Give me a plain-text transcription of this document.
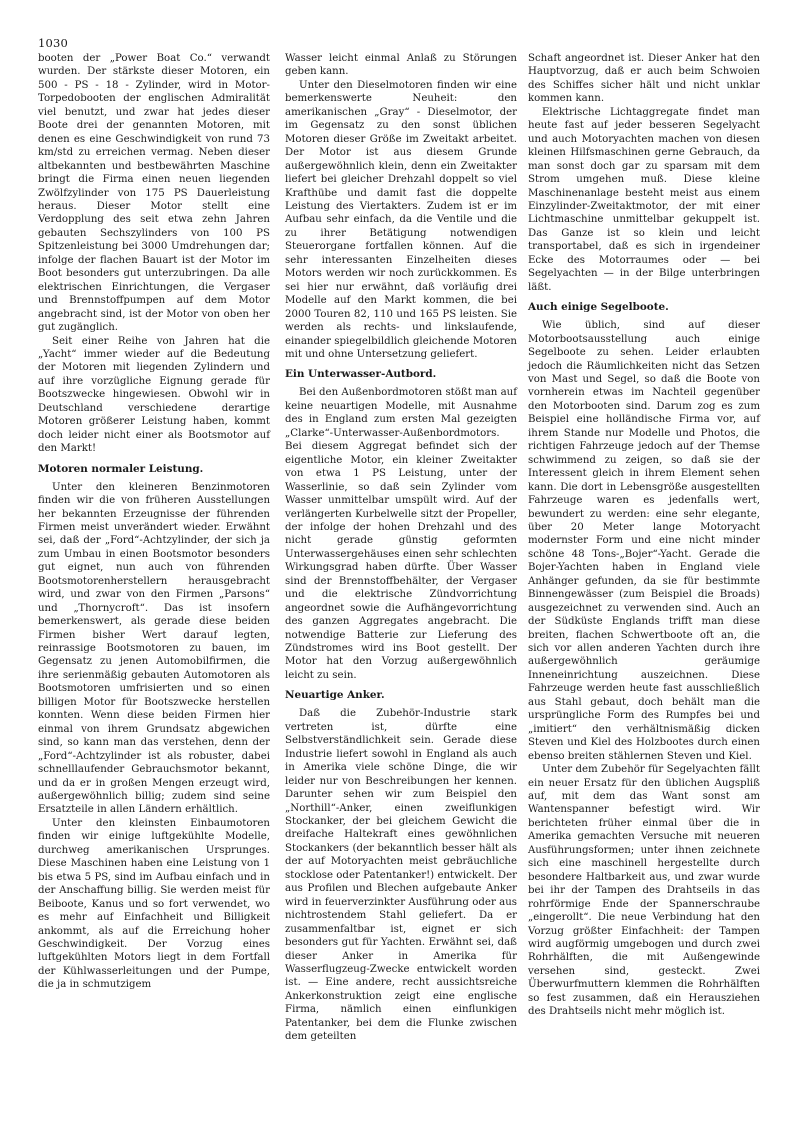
1030

booten der „Power Boat Co.“ verwandt wurden. Der stärkste dieser Motoren, ein 500 - PS - 18 - Zylinder, wird in Motor-Torpedobooten der englischen Admiralität viel benutzt, und zwar hat jedes dieser Boote drei der genannten Motoren, mit denen es eine Geschwindigkeit von rund 73 km/std zu erreichen vermag. Neben dieser altbekannten und bestbewährten Maschine bringt die Firma einen neuen liegenden Zwölfzylinder von 175 PS Dauerleistung heraus. Dieser Motor stellt eine Verdopplung des seit etwa zehn Jahren gebauten Sechszylinders von 100 PS Spitzenleistung bei 3000 Umdrehungen dar; infolge der flachen Bauart ist der Motor im Boot besonders gut unterzubringen. Da alle elektrischen Einrichtungen, die Vergaser und Brennstoffpumpen auf dem Motor angebracht sind, ist der Motor von oben her gut zugänglich.

Seit einer Reihe von Jahren hat die „Yacht“ immer wieder auf die Bedeutung der Motoren mit liegenden Zylindern und auf ihre vorzügliche Eignung gerade für Bootszwecke hingewiesen. Obwohl wir in Deutschland verschiedene derartige Motoren größerer Leistung haben, kommt doch leider nicht einer als Bootsmotor auf den Markt!

Motoren normaler Leistung.

Unter den kleineren Benzinmotoren finden wir die von früheren Ausstellungen her bekannten Erzeugnisse der führenden Firmen meist unverändert wieder. Erwähnt sei, daß der „Ford“-Achtzylinder, der sich ja zum Umbau in einen Bootsmotor besonders gut eignet, nun auch von führenden Bootsmotorenherstellern herausgebracht wird, und zwar von den Firmen „Parsons“ und „Thornycroft“. Das ist insofern bemerkenswert, als gerade diese beiden Firmen bisher Wert darauf legten, reinrassige Bootsmotoren zu bauen, im Gegensatz zu jenen Automobilfirmen, die ihre serienmäßig gebauten Automotoren als Bootsmotoren umfrisierten und so einen billigen Motor für Bootszwecke herstellen konnten. Wenn diese beiden Firmen hier einmal von ihrem Grundsatz abgewichen sind, so kann man das verstehen, denn der „Ford“-Achtzylinder ist als robuster, dabei schnelllaufender Gebrauchsmotor bekannt, und da er in großen Mengen erzeugt wird, außergewöhnlich billig; zudem sind seine Ersatzteile in allen Ländern erhältlich.

Unter den kleinsten Einbaumotoren finden wir einige luftgekühlte Modelle, durchweg amerikanischen Ursprunges. Diese Maschinen haben eine Leistung von 1 bis etwa 5 PS, sind im Aufbau einfach und in der Anschaffung billig. Sie werden meist für Beiboote, Kanus und so fort verwendet, wo es mehr auf Einfachheit und Billigkeit ankommt, als auf die Erreichung hoher Geschwindigkeit. Der Vorzug eines luftgekühlten Motors liegt in dem Fortfall der Kühlwasserleitungen und der Pumpe, die ja in schmutzigem

Wasser leicht einmal Anlaß zu Störungen geben kann.

Unter den Dieselmotoren finden wir eine bemerkenswerte Neuheit: den amerikanischen „Gray“ - Dieselmotor, der im Gegensatz zu den sonst üblichen Motoren dieser Größe im Zweitakt arbeitet. Der Motor ist aus diesem Grunde außergewöhnlich klein, denn ein Zweitakter liefert bei gleicher Drehzahl doppelt so viel Krafthübe und damit fast die doppelte Leistung des Viertakters. Zudem ist er im Aufbau sehr einfach, da die Ventile und die zu ihrer Betätigung notwendigen Steuerorgane fortfallen können. Auf die sehr interessanten Einzelheiten dieses Motors werden wir noch zurückkommen. Es sei hier nur erwähnt, daß vorläufig drei Modelle auf den Markt kommen, die bei 2000 Touren 82, 110 und 165 PS leisten. Sie werden als rechts- und linkslaufende, einander spiegelbildlich gleichende Motoren mit und ohne Untersetzung geliefert.

Ein Unterwasser-Autbord.

Bei den Außenbordmotoren stößt man auf keine neuartigen Modelle, mit Ausnahme des in England zum ersten Mal gezeigten „Clarke“-Unterwasser-Außenbordmotors. Bei diesem Aggregat befindet sich der eigentliche Motor, ein kleiner Zweitakter von etwa 1 PS Leistung, unter der Wasserlinie, so daß sein Zylinder vom Wasser unmittelbar umspült wird. Auf der verlängerten Kurbelwelle sitzt der Propeller, der infolge der hohen Drehzahl und des nicht gerade günstig geformten Unterwassergehäuses einen sehr schlechten Wirkungsgrad haben dürfte. Über Wasser sind der Brennstoffbehälter, der Vergaser und die elektrische Zündvorrichtung angeordnet sowie die Aufhängevorrichtung des ganzen Aggregates angebracht. Die notwendige Batterie zur Lieferung des Zündstromes wird ins Boot gestellt. Der Motor hat den Vorzug außergewöhnlich leicht zu sein.

Neuartige Anker.

Daß die Zubehör-Industrie stark vertreten ist, dürfte eine Selbstverständlichkeit sein. Gerade diese Industrie liefert sowohl in England als auch in Amerika viele schöne Dinge, die wir leider nur von Beschreibungen her kennen. Darunter sehen wir zum Beispiel den „Northill“-Anker, einen zweiflunkigen Stockanker, der bei gleichem Gewicht die dreifache Haltekraft eines gewöhnlichen Stockankers (der bekanntlich besser hält als der auf Motoryachten meist gebräuchliche stocklose oder Patentanker!) entwickelt. Der aus Profilen und Blechen aufgebaute Anker wird in feuerverzinkter Ausführung oder aus nichtrostendem Stahl geliefert. Da er zusammenfaltbar ist, eignet er sich besonders gut für Yachten. Erwähnt sei, daß dieser Anker in Amerika für Wasserflugzeug-Zwecke entwickelt worden ist. — Eine andere, recht aussichtsreiche Ankerkonstruktion zeigt eine englische Firma, nämlich einen einflunkigen Patentanker, bei dem die Flunke zwischen dem geteilten

Schaft angeordnet ist. Dieser Anker hat den Hauptvorzug, daß er auch beim Schwoien des Schiffes sicher hält und nicht unklar kommen kann.

Elektrische Lichtaggregate findet man heute fast auf jeder besseren Segelyacht und auch Motoryachten machen von diesen kleinen Hilfsmaschinen gerne Gebrauch, da man sonst doch gar zu sparsam mit dem Strom umgehen muß. Diese kleine Maschinenanlage besteht meist aus einem Einzylinder-Zweitaktmotor, der mit einer Lichtmaschine unmittelbar gekuppelt ist. Das Ganze ist so klein und leicht transportabel, daß es sich in irgendeiner Ecke des Motorraumes oder — bei Segelyachten — in der Bilge unterbringen läßt.

Auch einige Segelboote.

Wie üblich, sind auf dieser Motorbootsausstellung auch einige Segelboote zu sehen. Leider erlaubten jedoch die Räumlichkeiten nicht das Setzen von Mast und Segel, so daß die Boote von vornherein etwas im Nachteil gegenüber den Motorbooten sind. Darum zog es zum Beispiel eine holländische Firma vor, auf ihrem Stande nur Modelle und Photos, die richtigen Fahrzeuge jedoch auf der Themse schwimmend zu zeigen, so daß sie der Interessent gleich in ihrem Element sehen kann. Die dort in Lebensgröße ausgestellten Fahrzeuge waren es jedenfalls wert, bewundert zu werden: eine sehr elegante, über 20 Meter lange Motoryacht modernster Form und eine nicht minder schöne 48 Tons-„Bojer“-Yacht. Gerade die Bojer-Yachten haben in England viele Anhänger gefunden, da sie für bestimmte Binnengewässer (zum Beispiel die Broads) ausgezeichnet zu verwenden sind. Auch an der Südküste Englands trifft man diese breiten, flachen Schwertboote oft an, die sich vor allen anderen Yachten durch ihre außergewöhnlich geräumige Inneneinrichtung auszeichnen. Diese Fahrzeuge werden heute fast ausschließlich aus Stahl gebaut, doch behält man die ursprüngliche Form des Rumpfes bei und „imitiert“ den verhältnismäßig dicken Steven und Kiel des Holzbootes durch einen ebenso breiten stählernen Steven und Kiel.

Unter dem Zubehör für Segelyachten fällt ein neuer Ersatz für den üblichen Augspliß auf, mit dem das Want sonst am Wantenspanner befestigt wird. Wir berichteten früher einmal über die in Amerika gemachten Versuche mit neueren Ausführungsformen; unter ihnen zeichnete sich eine maschinell hergestellte durch besondere Haltbarkeit aus, und zwar wurde bei ihr der Tampen des Drahtseils in das rohrförmige Ende der Spannerschraube „eingerollt“. Die neue Verbindung hat den Vorzug größter Einfachheit: der Tampen wird augförmig umgebogen und durch zwei Rohrhälften, die mit Außengewinde versehen sind, gesteckt. Zwei Überwurfmuttern klemmen die Rohrhälften so fest zusammen, daß ein Herausziehen des Drahtseils nicht mehr möglich ist.
